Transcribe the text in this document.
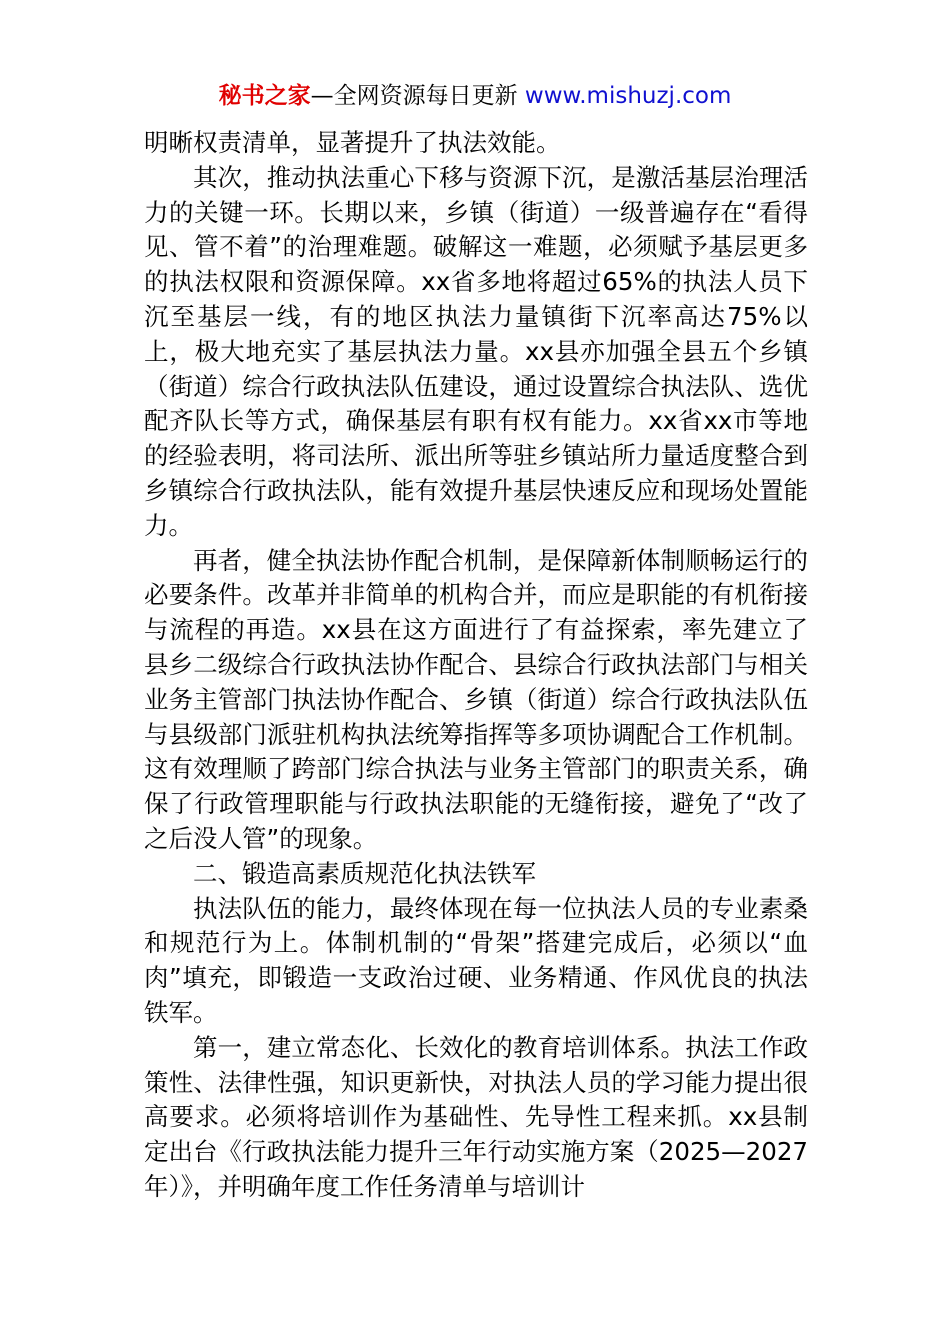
秘书之家—全网资源每日更新 www.mishuzj.com

明晰权责清单，显著提升了执法效能。

其次，推动执法重心下移与资源下沉，是激活基层治理活力的关键一环。长期以来，乡镇（街道）一级普遍存在“看得见、管不着”的治理难题。破解这一难题，必须赋予基层更多的执法权限和资源保障。xx省多地将超过65%的执法人员下沉至基层一线，有的地区执法力量镇街下沉率高达75%以上，极大地充实了基层执法力量。xx县亦加强全县五个乡镇（街道）综合行政执法队伍建设，通过设置综合执法队、选优配齐队长等方式，确保基层有职有权有能力。xx省xx市等地的经验表明，将司法所、派出所等驻乡镇站所力量适度整合到乡镇综合行政执法队，能有效提升基层快速反应和现场处置能力。

再者，健全执法协作配合机制，是保障新体制顺畅运行的必要条件。改革并非简单的机构合并，而应是职能的有机衔接与流程的再造。xx县在这方面进行了有益探索，率先建立了县乡二级综合行政执法协作配合、县综合行政执法部门与相关业务主管部门执法协作配合、乡镇（街道）综合行政执法队伍与县级部门派驻机构执法统筹指挥等多项协调配合工作机制。这有效理顺了跨部门综合执法与业务主管部门的职责关系，确保了行政管理职能与行政执法职能的无缝衔接，避免了“改了之后没人管”的现象。

二、锻造高素质规范化执法铁军

执法队伍的能力，最终体现在每一位执法人员的专业素桑和规范行为上。体制机制的“骨架”搭建完成后，必须以“血肉”填充，即锻造一支政治过硬、业务精通、作风优良的执法铁军。

第一，建立常态化、长效化的教育培训体系。执法工作政策性、法律性强，知识更新快，对执法人员的学习能力提出很高要求。必须将培训作为基础性、先导性工程来抓。xx县制定出台《行政执法能力提升三年行动实施方案（2025—2027年）》，并明确年度工作任务清单与培训计
